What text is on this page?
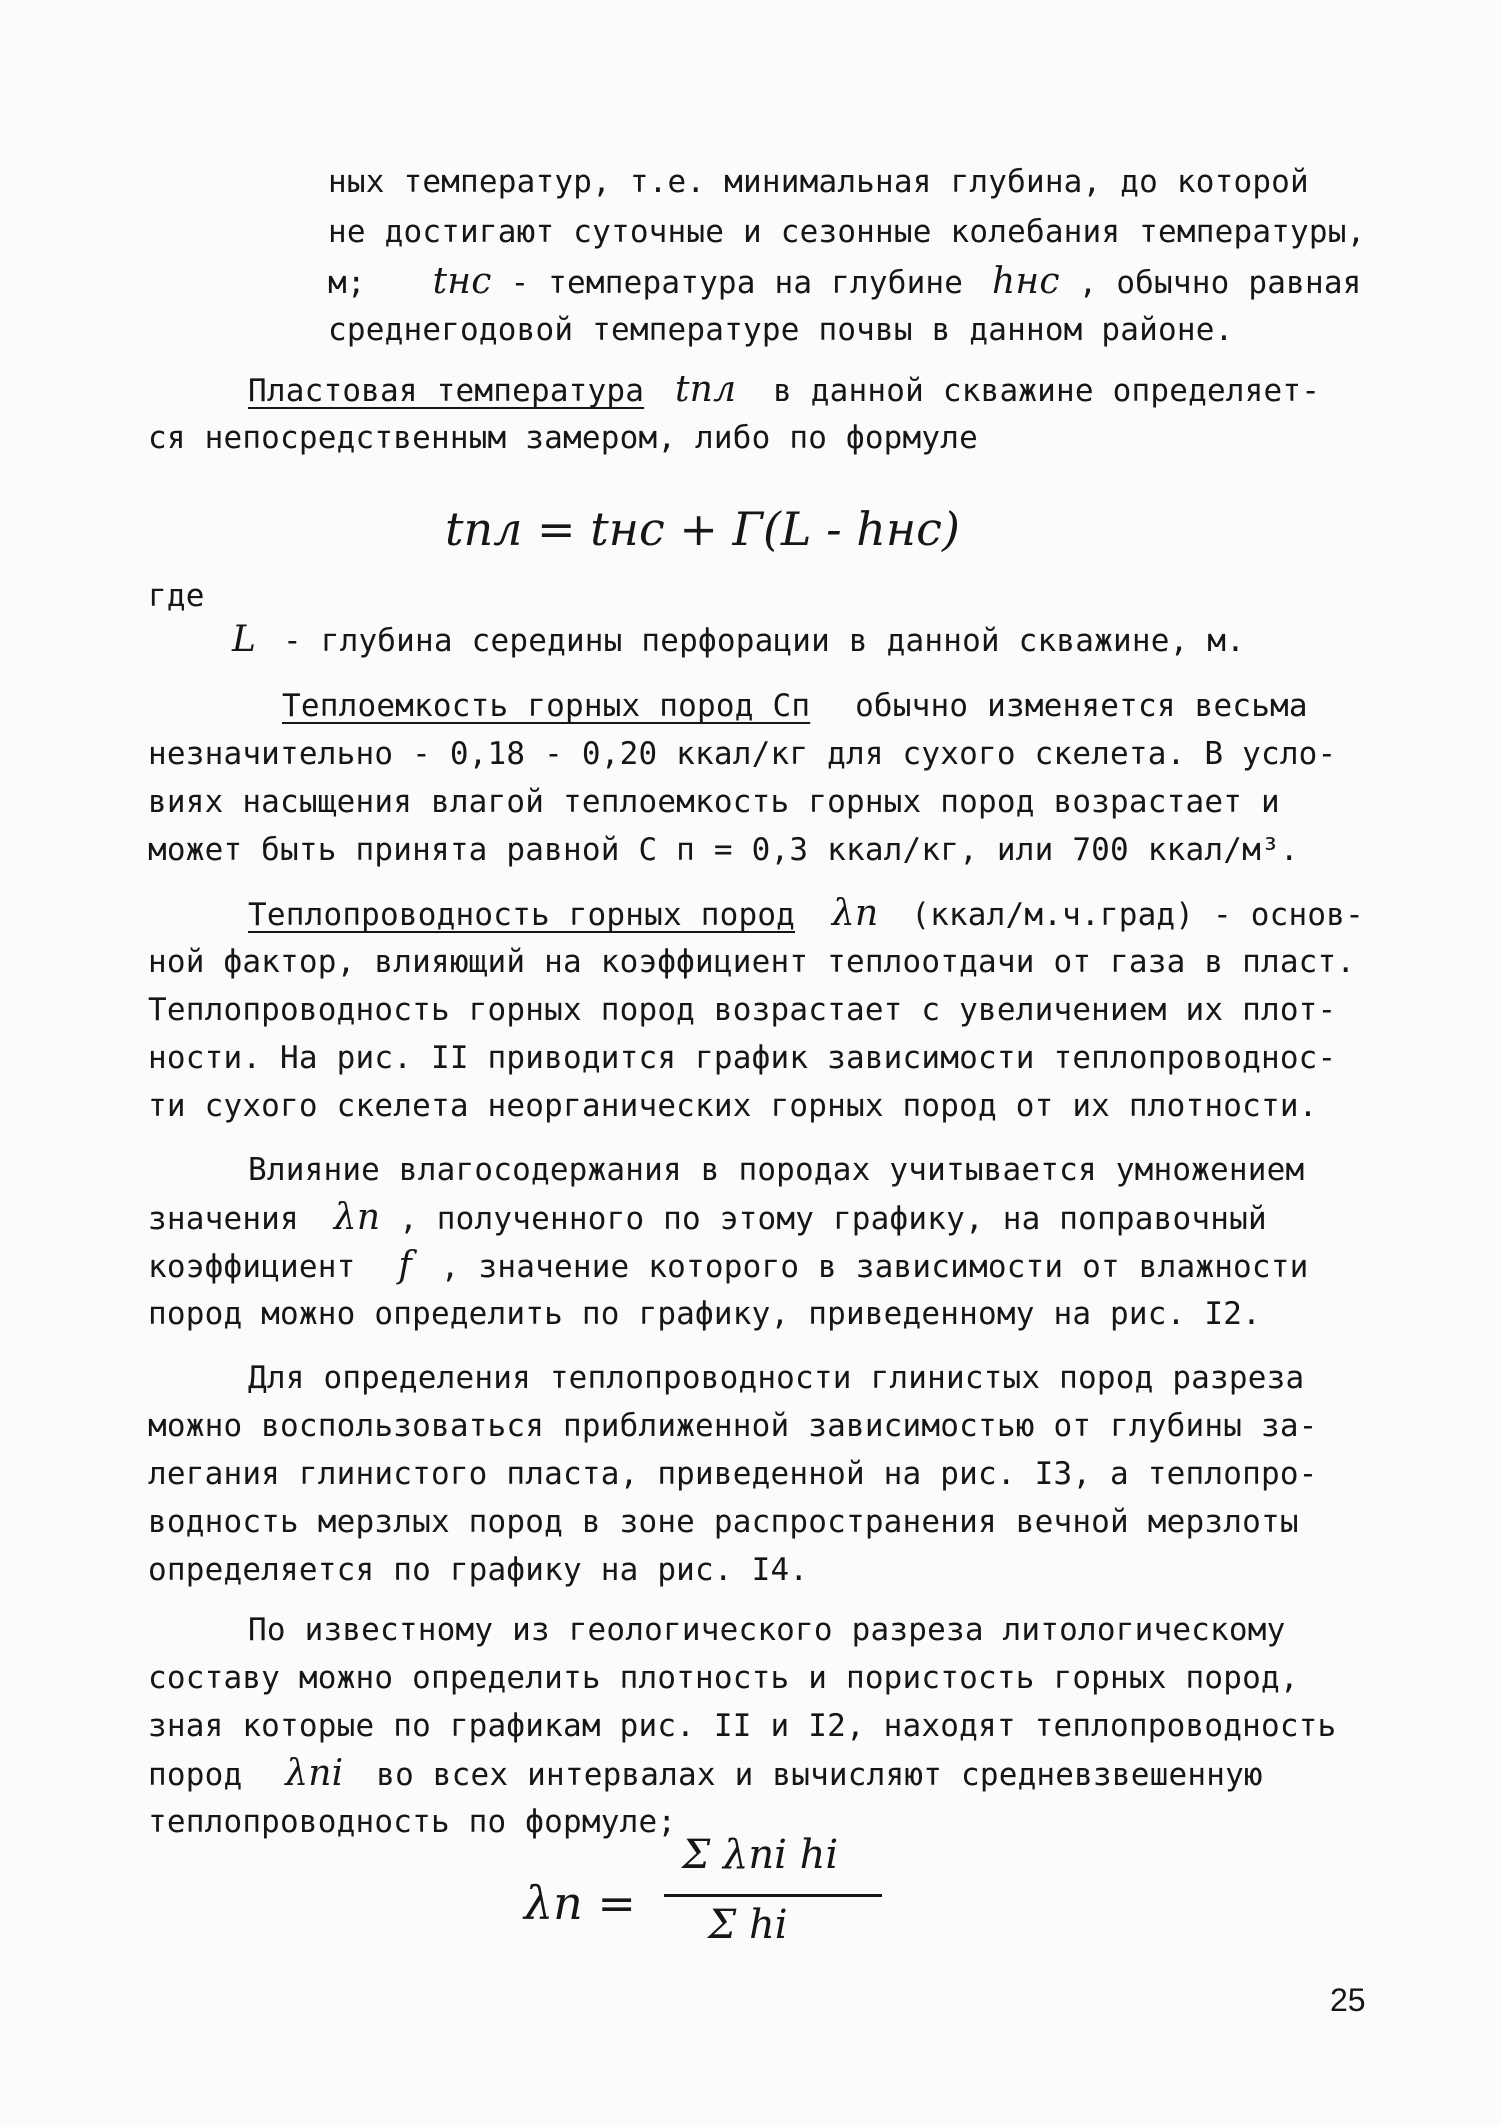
ных температур, т.е. минимальная глубина, до которой
не достигают суточные и сезонные колебания температуры,
м; tнс - температура на глубине hнс , обычно равная
среднегодовой температуре почвы в данном районе.
Пластовая температура tпл в данной скважине определяет-
ся непосредственным замером, либо по формуле
tпл = tнс + Г(L - hнс)
где
L - глубина середины перфорации в данной скважине, м.
Теплоемкость горных пород Сп обычно изменяется весьма
незначительно - 0,18 - 0,20 ккал/кг для сухого скелета. В усло-
виях насыщения влагой теплоемкость горных пород возрастает и
может быть принята равной С п = 0,3 ккал/кг, или 700 ккал/м³.
Теплопроводность горных пород λп (ккал/м.ч.град) - основ-
ной фактор, влияющий на коэффициент теплоотдачи от газа в пласт.
Теплопроводность горных пород возрастает с увеличением их плот-
ности. На рис. II приводится график зависимости теплопроводнос-
ти сухого скелета неорганических горных пород от их плотности.
Влияние влагосодержания в породах учитывается умножением
значения λп , полученного по этому графику, на поправочный
коэффициент f , значение которого в зависимости от влажности
пород можно определить по графику, приведенному на рис. I2.
Для определения теплопроводности глинистых пород разреза
можно воспользоваться приближенной зависимостью от глубины за-
легания глинистого пласта, приведенной на рис. I3, а теплопро-
водность мерзлых пород в зоне распространения вечной мерзлоты
определяется по графику на рис. I4.
По известному из геологического разреза литологическому
составу можно определить плотность и пористость горных пород,
зная которые по графикам рис. II и I2, находят теплопроводность
пород λпi во всех интервалах и вычисляют средневзвешенную
теплопроводность по формуле;
λп =
Σ λпi hi
Σ hi
25
